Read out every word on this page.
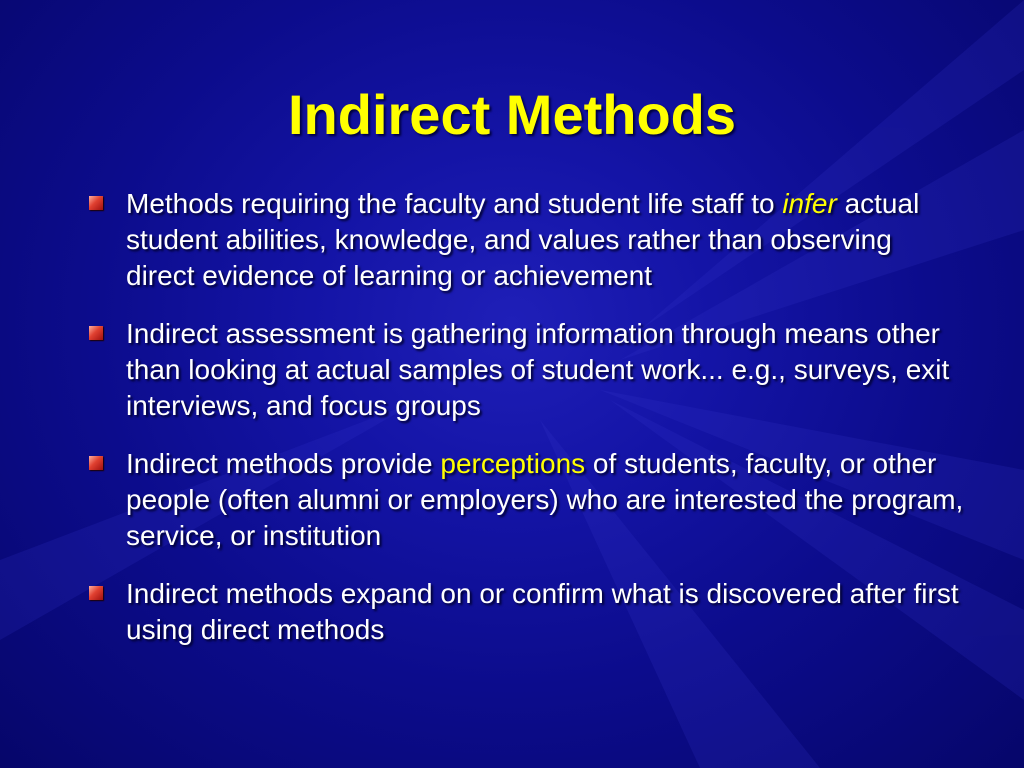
Indirect Methods
Methods requiring the faculty and student life staff to infer actual student abilities, knowledge, and values rather than observing direct evidence of learning or achievement
Indirect assessment is gathering information through means other than looking at actual samples of student work... e.g., surveys, exit interviews, and focus groups
Indirect methods provide perceptions of students, faculty, or other people (often alumni or employers) who are interested the program, service, or institution
Indirect methods expand on or confirm what is discovered after first using direct methods
